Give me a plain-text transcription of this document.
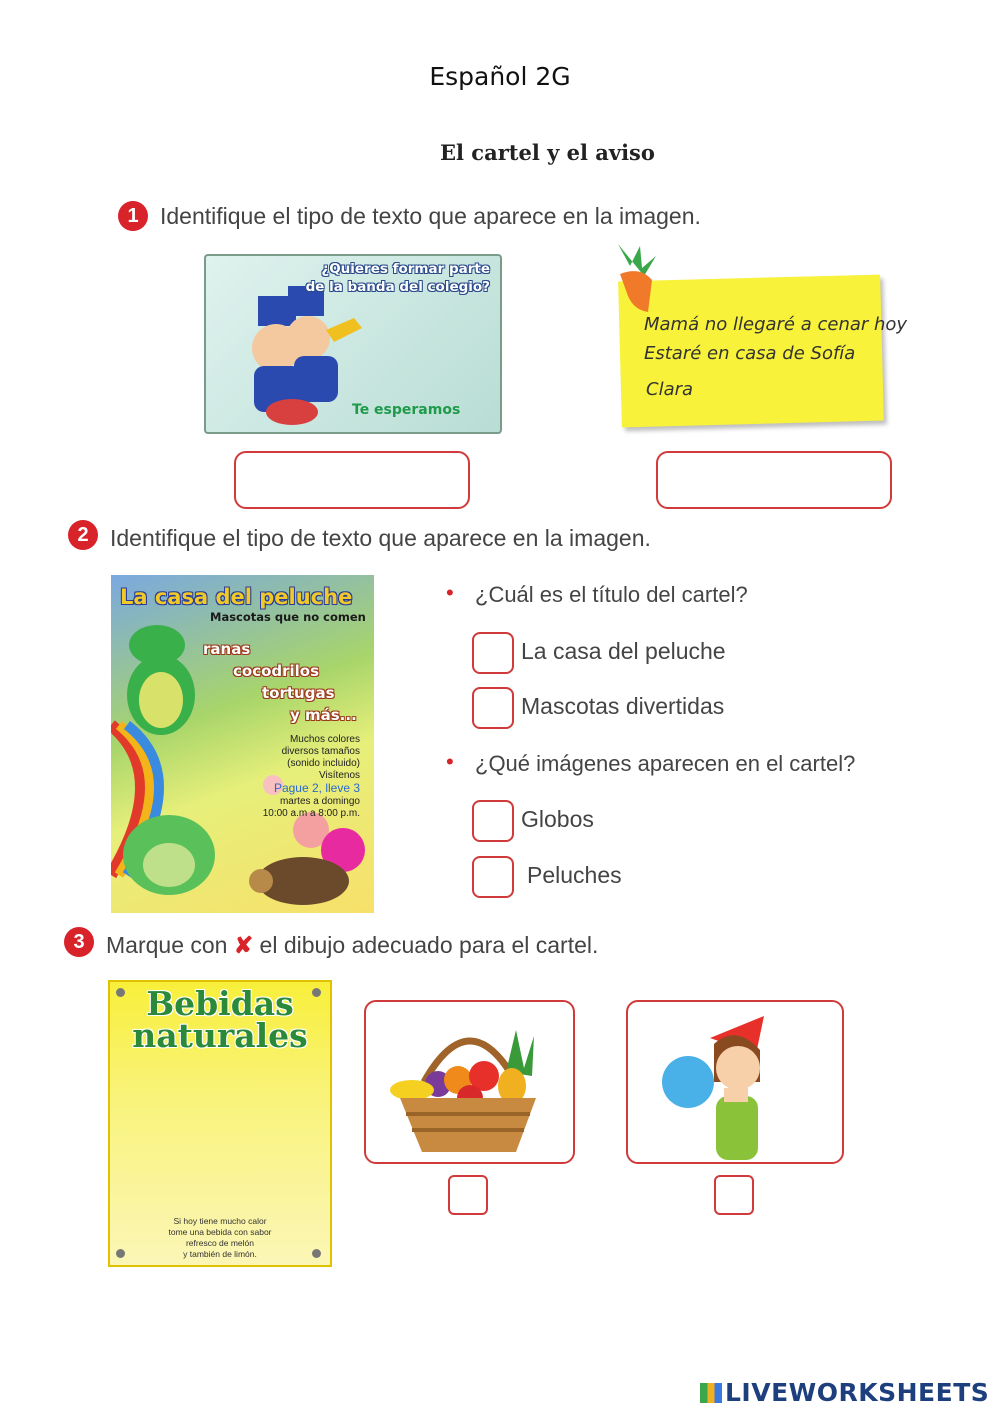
Español 2G
El cartel y el aviso
1 Identifique el tipo de texto que aparece en la imagen.
¿Quieres formar parte
de la banda del colegio?
Te esperamos
Mamá no llegaré a cenar hoy
Estaré en casa de Sofía
Clara
2 Identifique el tipo de texto que aparece en la imagen.
La casa del peluche
Mascotas que no comen
ranas
cocodrilos
tortugas
y más...
Muchos colores
diversos tamaños
(sonido incluido)
Visítenos
Pague 2, lleve 3
martes a domingo
10:00 a.m a 8:00 p.m.
• ¿Cuál es el título del cartel?
La casa del peluche
Mascotas divertidas
• ¿Qué imágenes aparecen en el cartel?
Globos
Peluches
3 Marque con ✘ el dibujo adecuado para el cartel.
Bebidas
naturales
Si hoy tiene mucho calor
tome una bebida con sabor
refresco de melón
y también de limón.
LIVEWORKSHEETS
